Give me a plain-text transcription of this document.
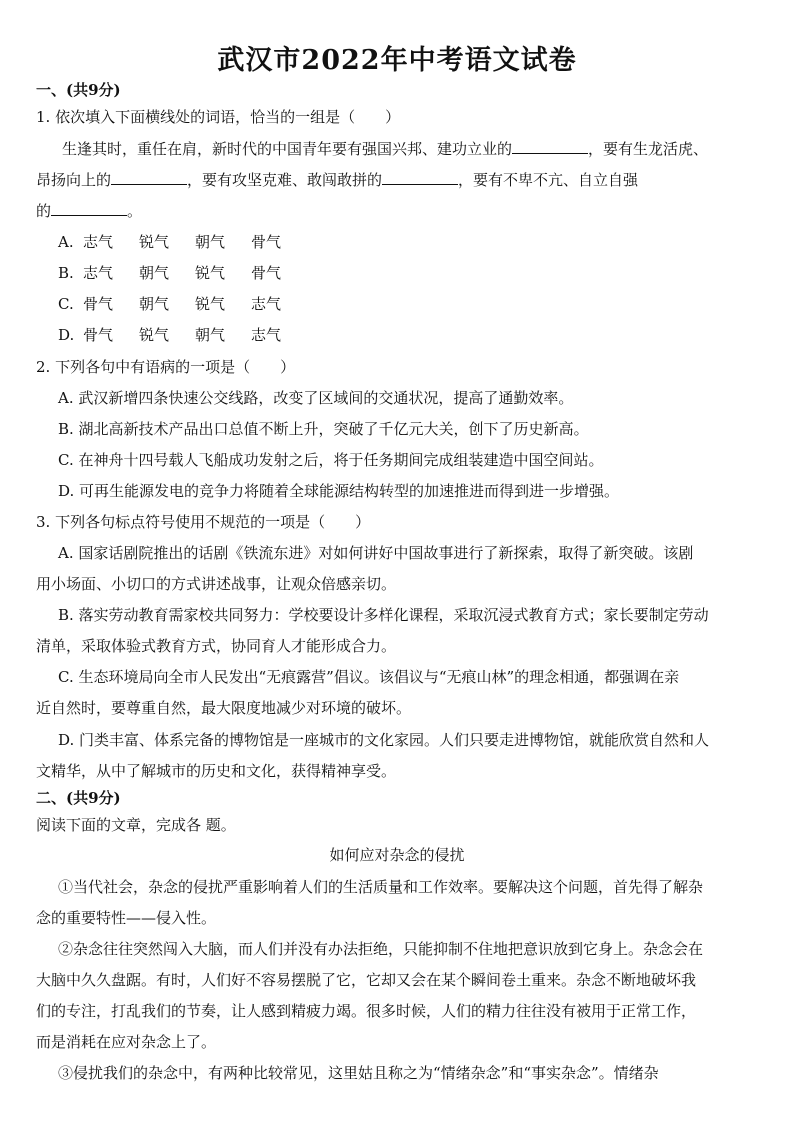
武汉市2022年中考语文试卷
一、(共9分)
1. 依次填入下面横线处的词语，恰当的一组是（　　）
生逢其时，重任在肩，新时代的中国青年要有强国兴邦、建功立业的	，要有生龙活虎、
昂扬向上的	，要有攻坚克难、敢闯敢拼的	，要有不卑不亢、自立自强
的	。
A. 志气 锐气 朝气 骨气
B. 志气 朝气 锐气 骨气
C. 骨气 朝气 锐气 志气
D. 骨气 锐气 朝气 志气
2. 下列各句中有语病的一项是（　　）
A. 武汉新增四条快速公交线路，改变了区域间的交通状况，提高了通勤效率。
B. 湖北高新技术产品出口总值不断上升，突破了千亿元大关，创下了历史新高。
C. 在神舟十四号载人飞船成功发射之后，将于任务期间完成组装建造中国空间站。
D. 可再生能源发电的竞争力将随着全球能源结构转型的加速推进而得到进一步增强。
3. 下列各句标点符号使用不规范的一项是（　　）
A. 国家话剧院推出的话剧《铁流东进》对如何讲好中国故事进行了新探索，取得了新突破。该剧
用小场面、小切口的方式讲述战事，让观众倍感亲切。
B. 落实劳动教育需家校共同努力：学校要设计多样化课程，采取沉浸式教育方式；家长要制定劳动
清单，采取体验式教育方式，协同育人才能形成合力。
C. 生态环境局向全市人民发出“无痕露营”倡议。该倡议与“无痕山林”的理念相通，都强调在亲
近自然时，要尊重自然，最大限度地减少对环境的破坏。
D. 门类丰富、体系完备的博物馆是一座城市的文化家园。人们只要走进博物馆，就能欣赏自然和人
文精华，从中了解城市的历史和文化，获得精神享受。
二、(共9分)
阅读下面的文章，完成各 题。
如何应对杂念的侵扰
①当代社会，杂念的侵扰严重影响着人们的生活质量和工作效率。要解决这个问题，首先得了解杂
念的重要特性——侵入性。
②杂念往往突然闯入大脑，而人们并没有办法拒绝，只能抑制不住地把意识放到它身上。杂念会在
大脑中久久盘踞。有时，人们好不容易摆脱了它，它却又会在某个瞬间卷土重来。杂念不断地破坏我
们的专注，打乱我们的节奏，让人感到精疲力竭。很多时候，人们的精力往往没有被用于正常工作，
而是消耗在应对杂念上了。
③侵扰我们的杂念中，有两种比较常见，这里姑且称之为“情绪杂念”和“事实杂念”。情绪杂
